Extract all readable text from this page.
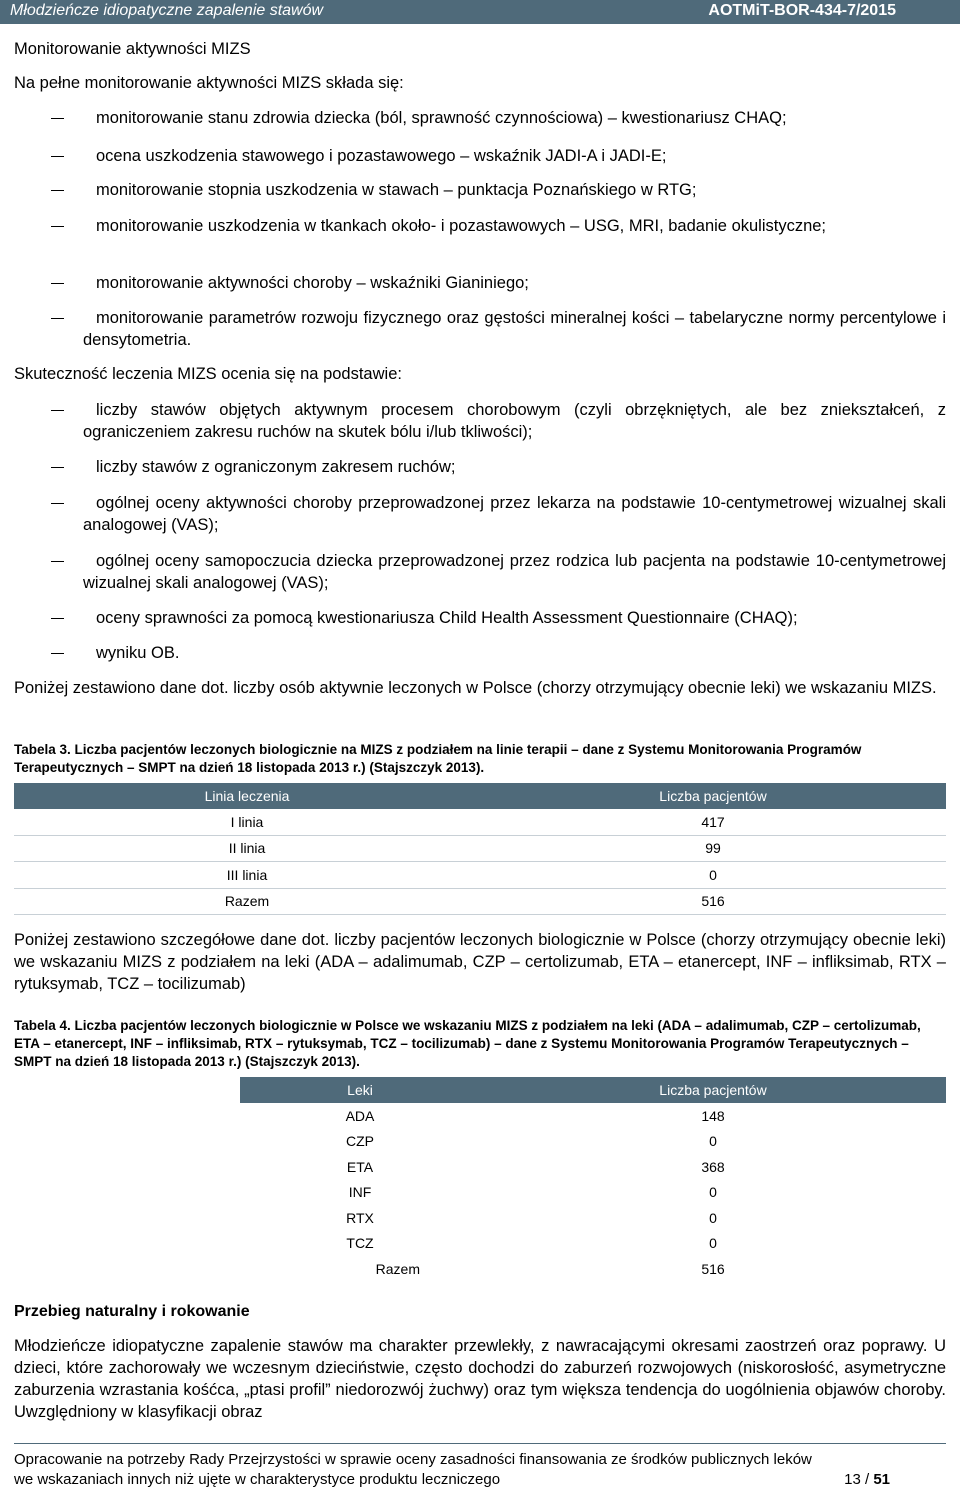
Młodzieńcze idiopatyczne zapalenie stawów	AOTMiT-BOR-434-7/2015
Monitorowanie aktywności MIZS
Na pełne monitorowanie aktywności MIZS składa się:
monitorowanie stanu zdrowia dziecka (ból, sprawność czynnościowa) – kwestionariusz CHAQ;
ocena uszkodzenia stawowego i pozastawowego – wskaźnik JADI-A i JADI-E;
monitorowanie stopnia uszkodzenia w stawach – punktacja Poznańskiego w RTG;
monitorowanie uszkodzenia w tkankach około- i pozastawowych – USG, MRI, badanie okulistyczne;
monitorowanie aktywności choroby – wskaźniki Gianiniego;
monitorowanie parametrów rozwoju fizycznego oraz gęstości mineralnej kości – tabelaryczne normy percentylowe i densytometria.
Skuteczność leczenia MIZS ocenia się na podstawie:
liczby stawów objętych aktywnym procesem chorobowym (czyli obrzękniętych, ale bez zniekształceń, z ograniczeniem zakresu ruchów na skutek bólu i/lub tkliwości);
liczby stawów z ograniczonym zakresem ruchów;
ogólnej oceny aktywności choroby przeprowadzonej przez lekarza na podstawie 10-centymetrowej wizualnej skali analogowej (VAS);
ogólnej oceny samopoczucia dziecka przeprowadzonej przez rodzica lub pacjenta na podstawie 10-centymetrowej wizualnej skali analogowej (VAS);
oceny sprawności za pomocą kwestionariusza Child Health Assessment Questionnaire (CHAQ);
wyniku OB.
Poniżej zestawiono dane dot. liczby osób aktywnie leczonych w Polsce (chorzy otrzymujący obecnie leki) we wskazaniu MIZS.
Tabela 3. Liczba pacjentów leczonych biologicznie na MIZS z podziałem na linie terapii – dane z Systemu Monitorowania Programów Terapeutycznych – SMPT na dzień 18 listopada 2013 r.) (Stajszczyk 2013).
Linia leczenia	Liczba pacjentów
I linia	417
II linia	99
III linia	0
Razem	516
Poniżej zestawiono szczegółowe dane dot. liczby pacjentów leczonych biologicznie w Polsce (chorzy otrzymujący obecnie leki) we wskazaniu MIZS z podziałem na leki (ADA – adalimumab, CZP – certolizumab, ETA – etanercept, INF – infliksimab, RTX – rytuksymab, TCZ – tocilizumab)
Tabela 4. Liczba pacjentów leczonych biologicznie w Polsce we wskazaniu MIZS z podziałem na leki (ADA – adalimumab, CZP – certolizumab, ETA – etanercept, INF – infliksimab, RTX – rytuksymab, TCZ – tocilizumab) – dane z Systemu Monitorowania Programów Terapeutycznych – SMPT na dzień 18 listopada 2013 r.) (Stajszczyk 2013).
	Leki	Liczba pacjentów
	ADA	148
	CZP	0
	ETA	368
	INF	0
	RTX	0
	TCZ	0
	Razem	516
Przebieg naturalny i rokowanie
Młodzieńcze idiopatyczne zapalenie stawów ma charakter przewlekły, z nawracającymi okresami zaostrzeń oraz poprawy. U dzieci, które zachorowały we wczesnym dzieciństwie, często dochodzi do zaburzeń rozwojowych (niskorosłość, asymetryczne zaburzenia wzrastania kośćca, „ptasi profil” niedorozwój żuchwy) oraz tym większa tendencja do uogólnienia objawów choroby. Uwzględniony w klasyfikacji obraz
Opracowanie na potrzeby Rady Przejrzystości w sprawie oceny zasadności finansowania ze środków publicznych leków
we wskazaniach innych niż ujęte w charakterystyce produktu leczniczego	13 / 51
